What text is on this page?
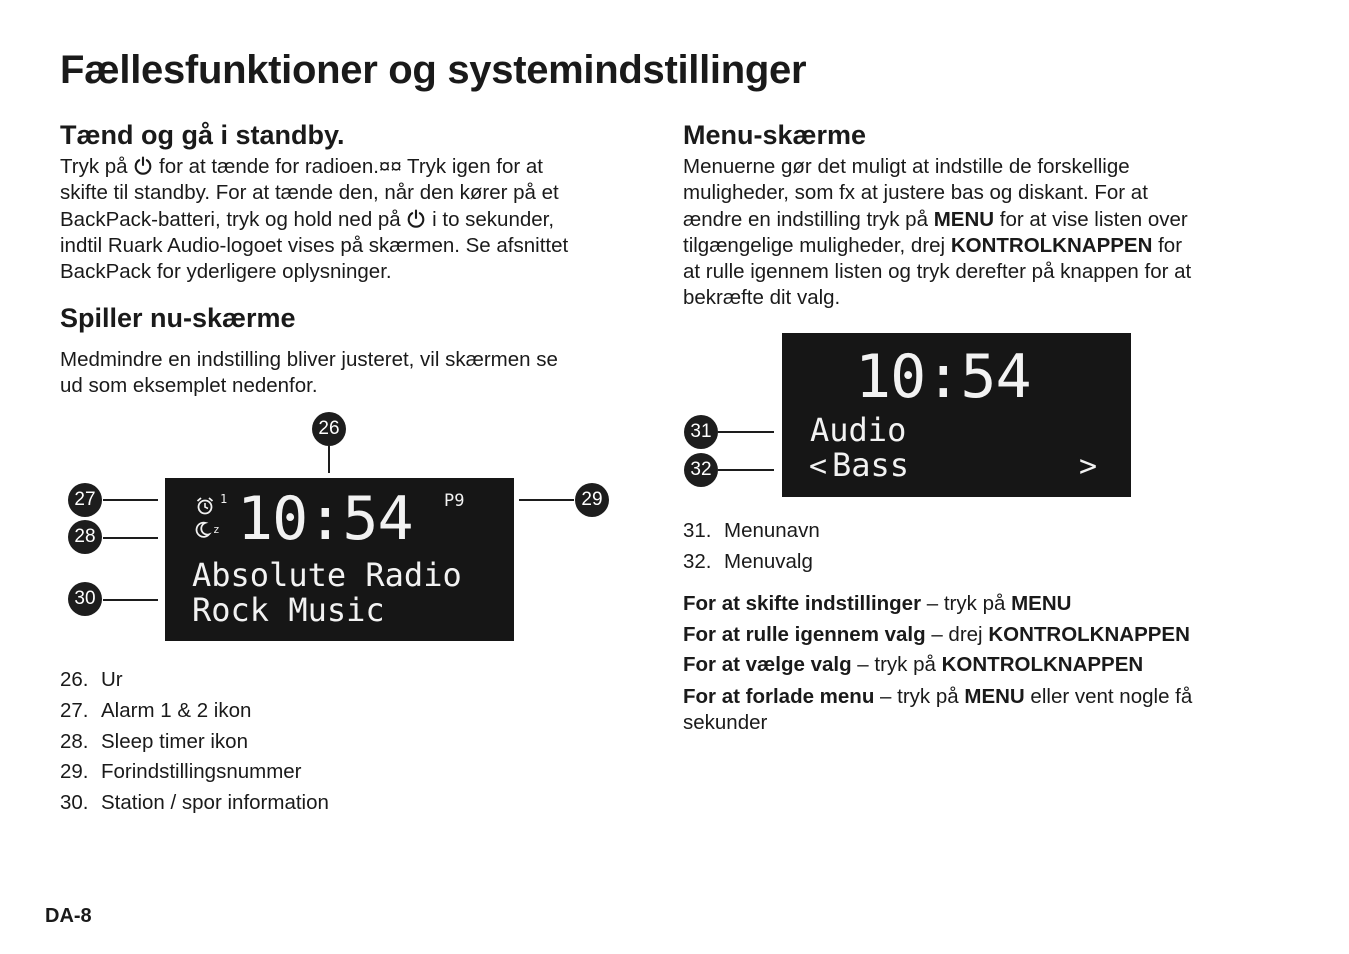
Fællesfunktioner og systemindstillinger
Tænd og gå i standby.
Tryk på  for at tænde for radioen.¤¤ Tryk igen for at
skifte til standby. For at tænde den, når den kører på et
BackPack-batteri, tryk og hold ned på  i to sekunder,
indtil Ruark Audio-logoet vises på skærmen. Se afsnittet
BackPack for yderligere oplysninger.
Spiller nu-skærme
Medmindre en indstilling bliver justeret, vil skærmen se
ud som eksemplet nedenfor.
26
27
28
29
30
1
z 10:54 P9
Absolute Radio
Rock Music
26. Ur
27. Alarm 1 & 2 ikon
28. Sleep timer ikon
29. Forindstillingsnummer
30. Station / spor information
Menu-skærme
Menuerne gør det muligt at indstille de forskellige
muligheder, som fx at justere bas og diskant. For at
ændre en indstilling tryk på MENU for at vise listen over
tilgængelige muligheder, drej KONTROLKNAPPEN for
at rulle igennem listen og tryk derefter på knappen for at
bekræfte dit valg.
31
32
10:54
Audio
< Bass	>
31. Menunavn
32. Menuvalg
For at skifte indstillinger – tryk på MENU
For at rulle igennem valg – drej KONTROLKNAPPEN
For at vælge valg – tryk på KONTROLKNAPPEN
For at forlade menu – tryk på MENU eller vent nogle få
sekunder
DA-8
